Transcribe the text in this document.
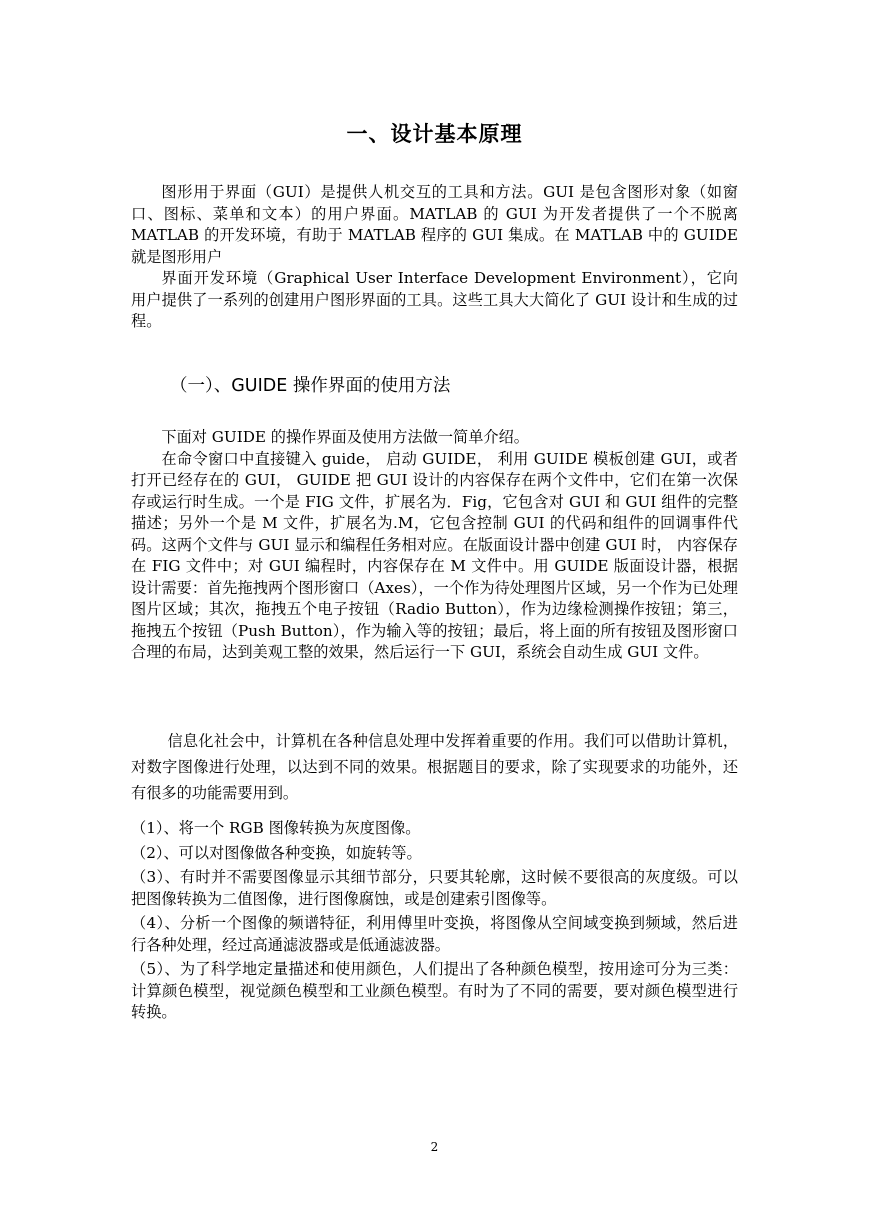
一、设计基本原理

图形用于界面（GUI）是提供人机交互的工具和方法。GUI 是包含图形对象（如窗口、图标、菜单和文本）的用户界面。MATLAB 的 GUI 为开发者提供了一个不脱离 MATLAB 的开发环境，有助于 MATLAB 程序的 GUI 集成。在 MATLAB 中的 GUIDE 就是图形用户

界面开发环境（Graphical User Interface Development Environment），它向用户提供了一系列的创建用户图形界面的工具。这些工具大大简化了 GUI 设计和生成的过程。

（一）、GUIDE 操作界面的使用方法

下面对 GUIDE 的操作界面及使用方法做一简单介绍。

在命令窗口中直接键入 guide， 启动 GUIDE， 利用 GUIDE 模板创建 GUI，或者打开已经存在的 GUI， GUIDE 把 GUI 设计的内容保存在两个文件中，它们在第一次保存或运行时生成。一个是 FIG 文件，扩展名为．Fig，它包含对 GUI 和 GUI 组件的完整描述；另外一个是 M 文件，扩展名为.M，它包含控制 GUI 的代码和组件的回调事件代码。这两个文件与 GUI 显示和编程任务相对应。在版面设计器中创建 GUI 时， 内容保存在 FIG 文件中；对 GUI 编程时，内容保存在 M 文件中。用 GUIDE 版面设计器，根据设计需要：首先拖拽两个图形窗口（Axes），一个作为待处理图片区域，另一个作为已处理图片区域；其次，拖拽五个电子按钮（Radio Button），作为边缘检测操作按钮；第三，拖拽五个按钮（Push Button），作为输入等的按钮；最后，将上面的所有按钮及图形窗口合理的布局，达到美观工整的效果，然后运行一下 GUI，系统会自动生成 GUI 文件。

信息化社会中，计算机在各种信息处理中发挥着重要的作用。我们可以借助计算机，对数字图像进行处理，以达到不同的效果。根据题目的要求，除了实现要求的功能外，还有很多的功能需要用到。

（1）、将一个 RGB 图像转换为灰度图像。

（2）、可以对图像做各种变换，如旋转等。

（3）、有时并不需要图像显示其细节部分，只要其轮廓，这时候不要很高的灰度级。可以把图像转换为二值图像，进行图像腐蚀，或是创建索引图像等。

（4）、分析一个图像的频谱特征，利用傅里叶变换，将图像从空间域变换到频域，然后进行各种处理，经过高通滤波器或是低通滤波器。

（5）、为了科学地定量描述和使用颜色，人们提出了各种颜色模型，按用途可分为三类：计算颜色模型，视觉颜色模型和工业颜色模型。有时为了不同的需要，要对颜色模型进行转换。

2
